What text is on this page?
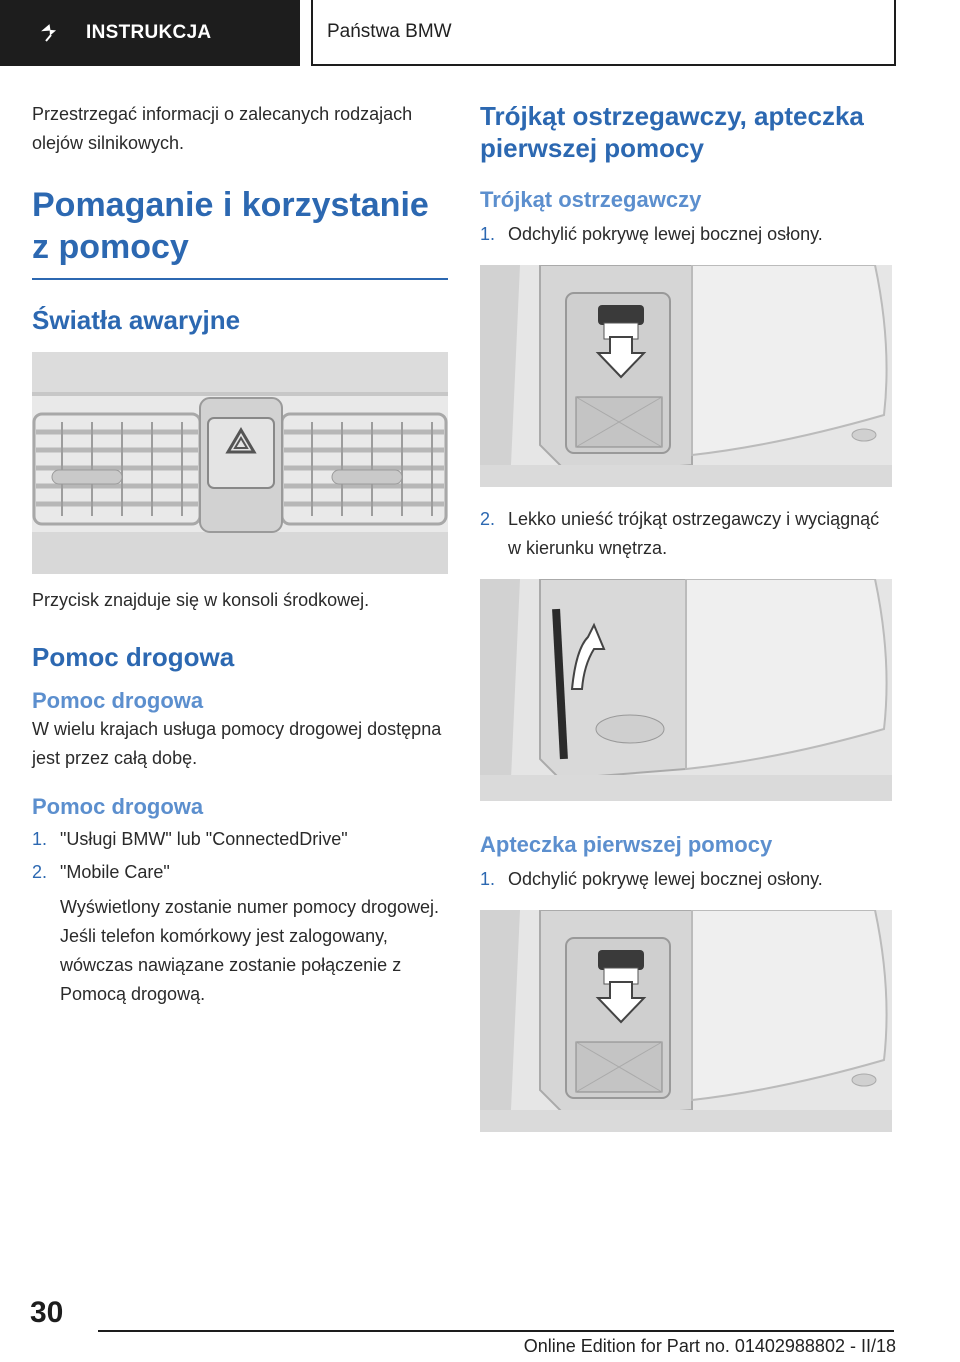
INSTRUKCJA	Państwa BMW

Przestrzegać informacji o zalecanych rodzajach olejów silnikowych.

Pomaganie i korzystanie z pomocy
Światła awaryjne

Przycisk znajduje się w konsoli środkowej.

Pomoc drogowa
Pomoc drogowa

W wielu krajach usługa pomocy drogowej dostępna jest przez całą dobę.

Pomoc drogowa
1. "Usługi BMW" lub "ConnectedDrive"
2. "Mobile Care"

Wyświetlony zostanie numer pomocy drogowej. Jeśli telefon komórkowy jest zalogowany, wówczas nawiązane zostanie połączenie z Pomocą drogową.

Trójkąt ostrzegawczy, apteczka pierwszej pomocy
Trójkąt ostrzegawczy
1. Odchylić pokrywę lewej bocznej osłony.
2. Lekko unieść trójkąt ostrzegawczy i wyciągnąć w kierunku wnętrza.
Apteczka pierwszej pomocy
1. Odchylić pokrywę lewej bocznej osłony.
30
Online Edition for Part no. 01402988802 - II/18
